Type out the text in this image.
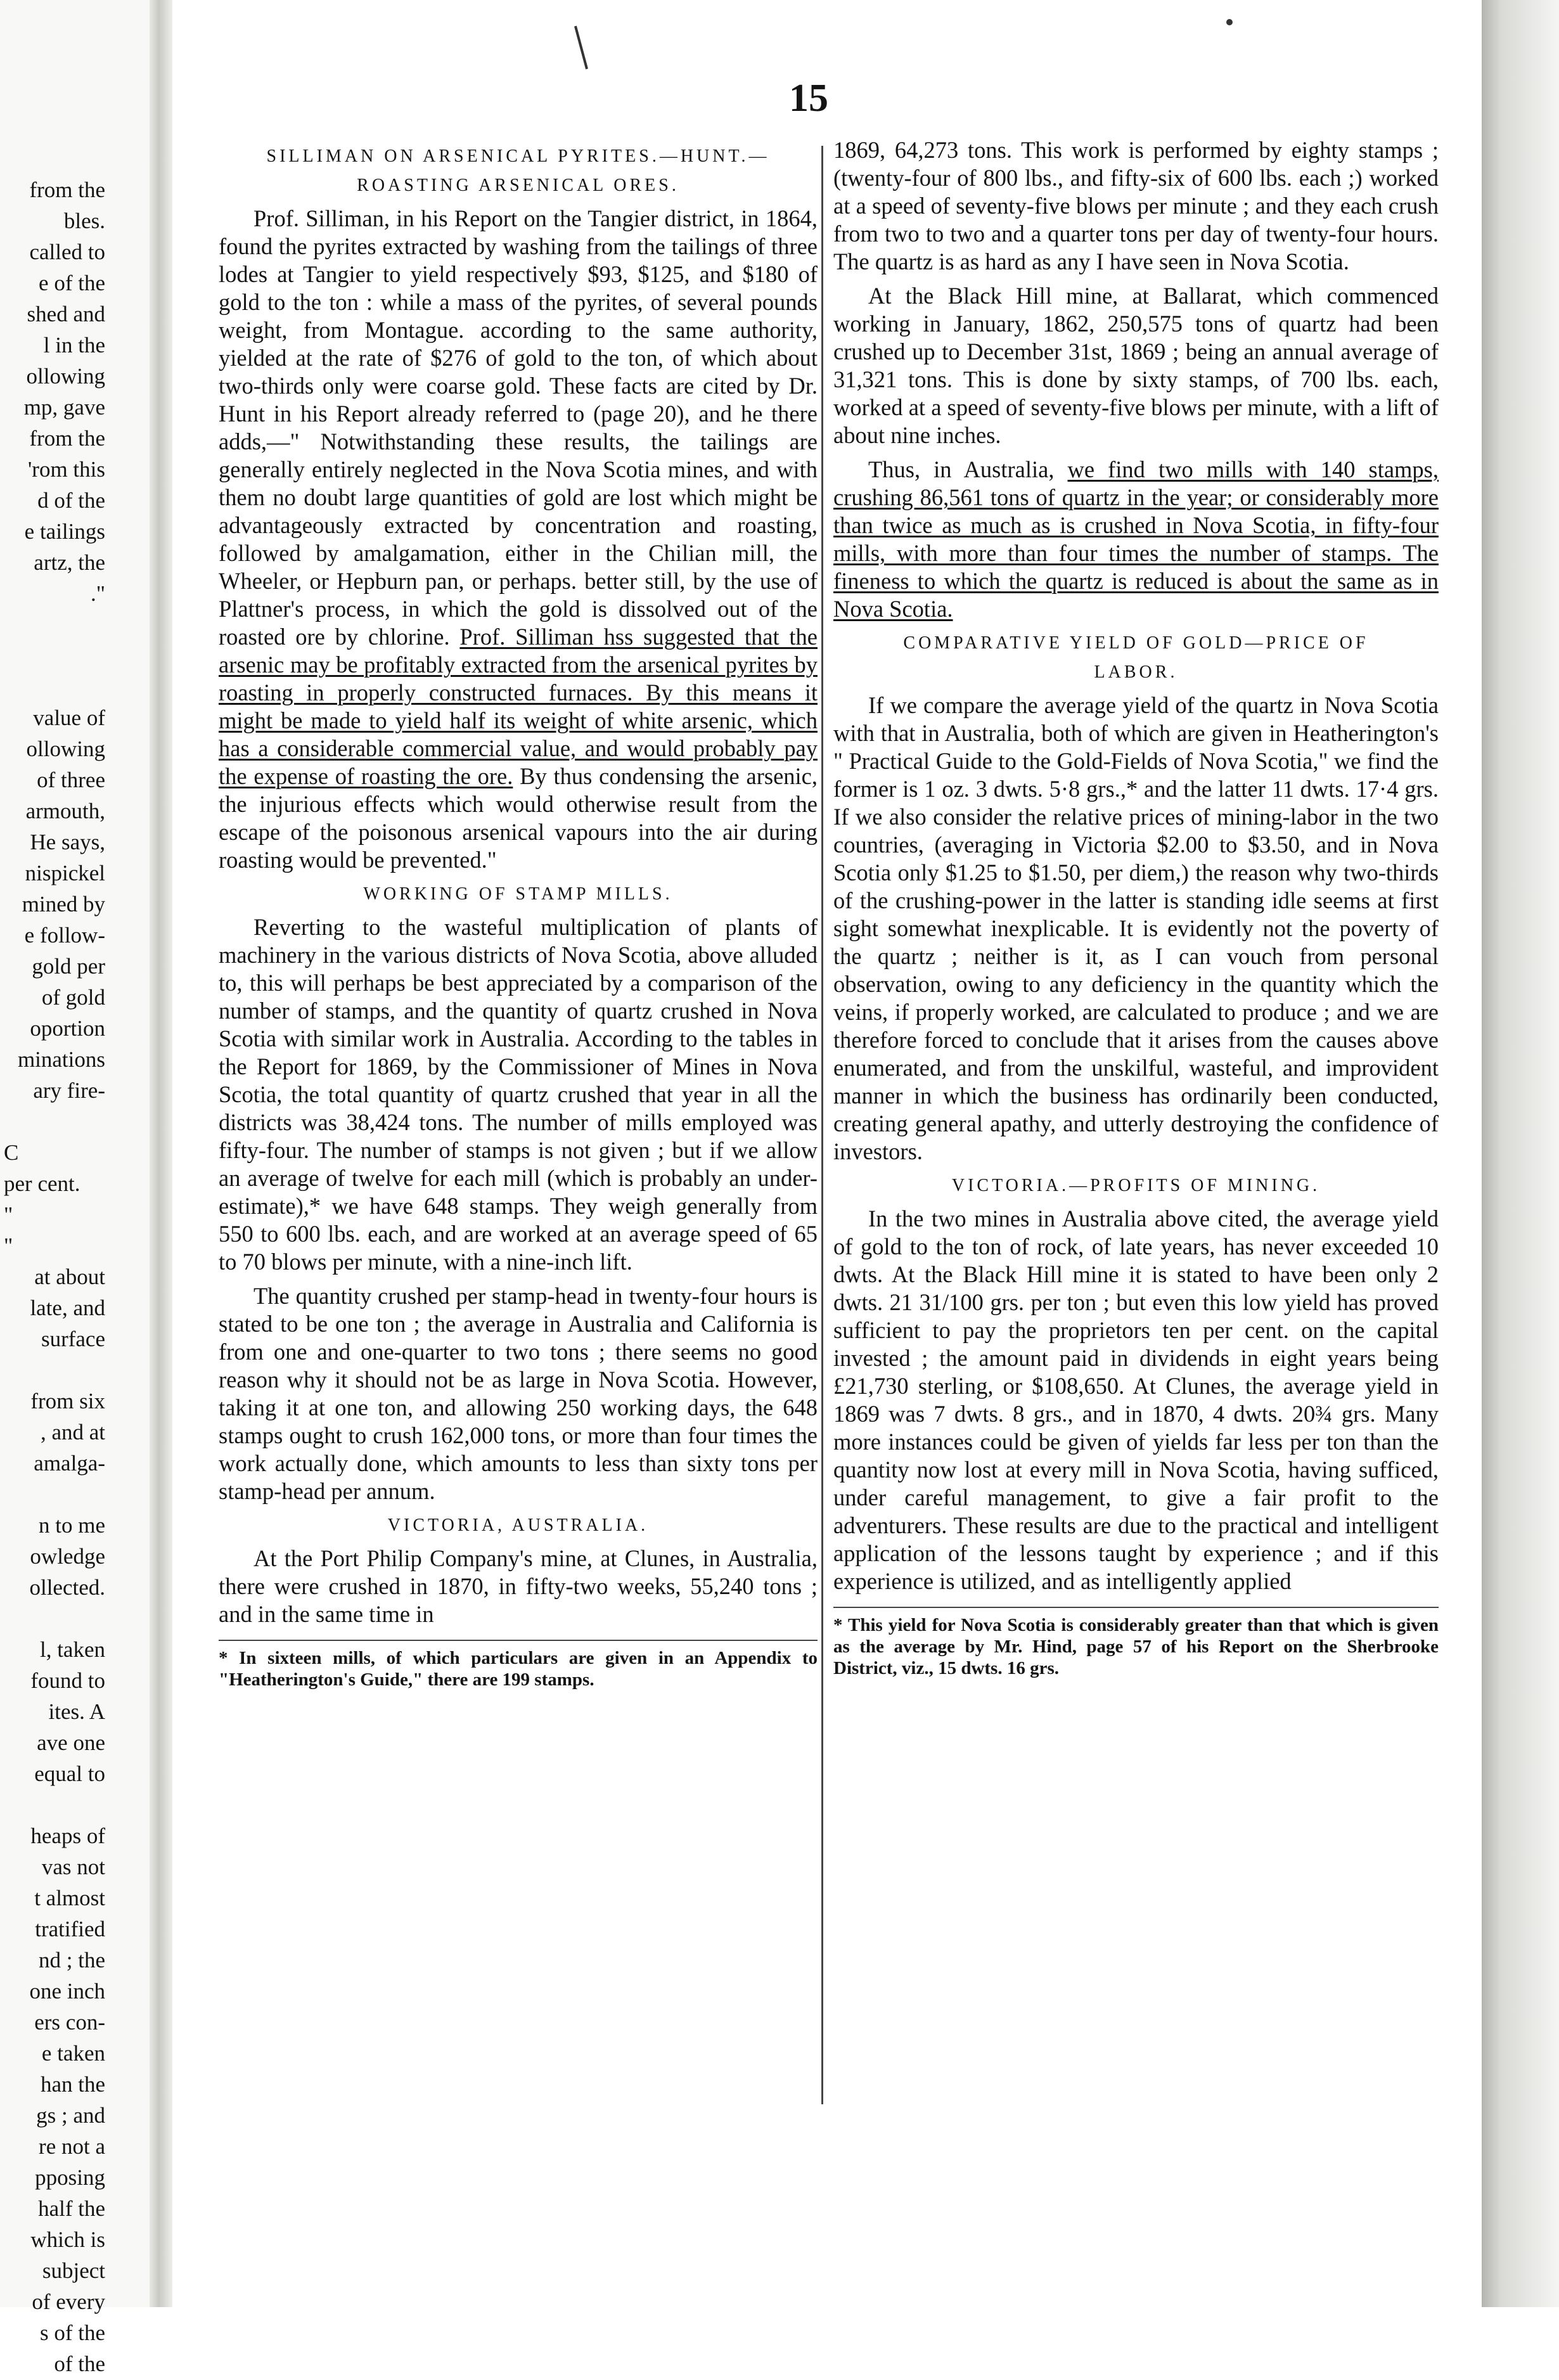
from the
bles.
called to
e of the
shed and
l in the
ollowing
mp, gave
from the
'rom this
d of the
e tailings
artz, the
."
value of
ollowing
of three
armouth,
He says,
nispickel
mined by
e follow-
gold per
of gold
oportion
minations
ary fire-
C
per cent.
"
"
at about
late, and
surface
from six
, and at
amalga-
n to me
owledge
ollected.
l, taken
found to
ites. A
ave one
equal to
heaps of
vas not
t almost
tratified
nd ; the
one inch
ers con-
e taken
han the
gs ; and
re not a
pposing
half the
which is
subject
of every
s of the
of the
15
SILLIMAN ON ARSENICAL PYRITES.—HUNT.—
ROASTING ARSENICAL ORES.

Prof. Silliman, in his Report on the Tangier district, in 1864, found the pyrites extracted by washing from the tailings of three lodes at Tangier to yield respectively $93, $125, and $180 of gold to the ton : while a mass of the pyrites, of several pounds weight, from Montague. according to the same authority, yielded at the rate of $276 of gold to the ton, of which about two-thirds only were coarse gold. These facts are cited by Dr. Hunt in his Report already referred to (page 20), and he there adds,—" Notwithstanding these results, the tailings are generally entirely neglected in the Nova Scotia mines, and with them no doubt large quantities of gold are lost which might be advantageously extracted by concentration and roasting, followed by amalgamation, either in the Chilian mill, the Wheeler, or Hepburn pan, or perhaps. better still, by the use of Plattner's process, in which the gold is dissolved out of the roasted ore by chlorine. Prof. Silliman hss suggested that the arsenic may be profitably extracted from the arsenical pyrites by roasting in properly constructed furnaces. By this means it might be made to yield half its weight of white arsenic, which has a considerable commercial value, and would probably pay the expense of roasting the ore. By thus condensing the arsenic, the injurious effects which would otherwise result from the escape of the poisonous arsenical vapours into the air during roasting would be prevented."

WORKING OF STAMP MILLS.

Reverting to the wasteful multiplication of plants of machinery in the various districts of Nova Scotia, above alluded to, this will perhaps be best appreciated by a comparison of the number of stamps, and the quantity of quartz crushed in Nova Scotia with similar work in Australia. According to the tables in the Report for 1869, by the Commissioner of Mines in Nova Scotia, the total quantity of quartz crushed that year in all the districts was 38,424 tons. The number of mills employed was fifty-four. The number of stamps is not given ; but if we allow an average of twelve for each mill (which is probably an under-estimate),* we have 648 stamps. They weigh generally from 550 to 600 lbs. each, and are worked at an average speed of 65 to 70 blows per minute, with a nine-inch lift.

The quantity crushed per stamp-head in twenty-four hours is stated to be one ton ; the average in Australia and California is from one and one-quarter to two tons ; there seems no good reason why it should not be as large in Nova Scotia. However, taking it at one ton, and allowing 250 working days, the 648 stamps ought to crush 162,000 tons, or more than four times the work actually done, which amounts to less than sixty tons per stamp-head per annum.

VICTORIA, AUSTRALIA.

At the Port Philip Company's mine, at Clunes, in Australia, there were crushed in 1870, in fifty-two weeks, 55,240 tons ; and in the same time in

* In sixteen mills, of which particulars are given in an Appendix to "Heatherington's Guide," there are 199 stamps.

1869, 64,273 tons. This work is performed by eighty stamps ; (twenty-four of 800 lbs., and fifty-six of 600 lbs. each ;) worked at a speed of seventy-five blows per minute ; and they each crush from two to two and a quarter tons per day of twenty-four hours. The quartz is as hard as any I have seen in Nova Scotia.

At the Black Hill mine, at Ballarat, which commenced working in January, 1862, 250,575 tons of quartz had been crushed up to December 31st, 1869 ; being an annual average of 31,321 tons. This is done by sixty stamps, of 700 lbs. each, worked at a speed of seventy-five blows per minute, with a lift of about nine inches.

Thus, in Australia, we find two mills with 140 stamps, crushing 86,561 tons of quartz in the year; or considerably more than twice as much as is crushed in Nova Scotia, in fifty-four mills, with more than four times the number of stamps. The fineness to which the quartz is reduced is about the same as in Nova Scotia.

COMPARATIVE YIELD OF GOLD—PRICE OF
LABOR.

If we compare the average yield of the quartz in Nova Scotia with that in Australia, both of which are given in Heatherington's " Practical Guide to the Gold-Fields of Nova Scotia," we find the former is 1 oz. 3 dwts. 5·8 grs.,* and the latter 11 dwts. 17·4 grs. If we also consider the relative prices of mining-labor in the two countries, (averaging in Victoria $2.00 to $3.50, and in Nova Scotia only $1.25 to $1.50, per diem,) the reason why two-thirds of the crushing-power in the latter is standing idle seems at first sight somewhat inexplicable. It is evidently not the poverty of the quartz ; neither is it, as I can vouch from personal observation, owing to any deficiency in the quantity which the veins, if properly worked, are calculated to produce ; and we are therefore forced to conclude that it arises from the causes above enumerated, and from the unskilful, wasteful, and improvident manner in which the business has ordinarily been conducted, creating general apathy, and utterly destroying the confidence of investors.

VICTORIA.—PROFITS OF MINING.

In the two mines in Australia above cited, the average yield of gold to the ton of rock, of late years, has never exceeded 10 dwts. At the Black Hill mine it is stated to have been only 2 dwts. 21 31/100 grs. per ton ; but even this low yield has proved sufficient to pay the proprietors ten per cent. on the capital invested ; the amount paid in dividends in eight years being £21,730 sterling, or $108,650. At Clunes, the average yield in 1869 was 7 dwts. 8 grs., and in 1870, 4 dwts. 20¾ grs. Many more instances could be given of yields far less per ton than the quantity now lost at every mill in Nova Scotia, having sufficed, under careful management, to give a fair profit to the adventurers. These results are due to the practical and intelligent application of the lessons taught by experience ; and if this experience is utilized, and as intelligently applied

* This yield for Nova Scotia is considerably greater than that which is given as the average by Mr. Hind, page 57 of his Report on the Sherbrooke District, viz., 15 dwts. 16 grs.
